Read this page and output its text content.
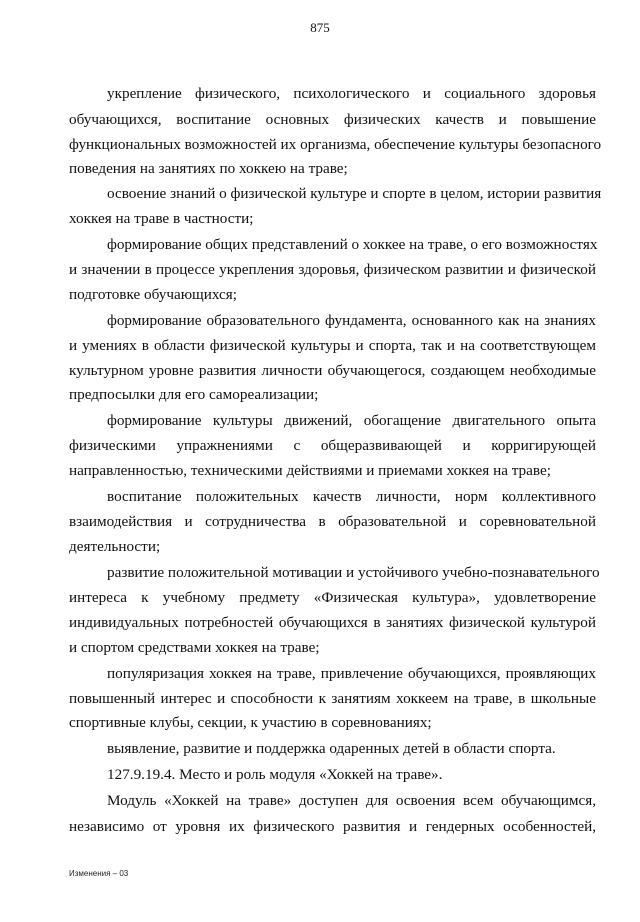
875
укрепление физического, психологического и социального здоровья
обучающихся, воспитание основных физических качеств и повышение
функциональных возможностей их организма, обеспечение культуры безопасного
поведения на занятиях по хоккею на траве;
освоение знаний о физической культуре и спорте в целом, истории развития
хоккея на траве в частности;
формирование общих представлений о хоккее на траве, о его возможностях
и значении в процессе укрепления здоровья, физическом развитии и физической
подготовке обучающихся;
формирование образовательного фундамента, основанного как на знаниях
и умениях в области физической культуры и спорта, так и на соответствующем
культурном уровне развития личности обучающегося, создающем необходимые
предпосылки для его самореализации;
формирование культуры движений, обогащение двигательного опыта
физическими упражнениями с общеразвивающей и корригирующей
направленностью, техническими действиями и приемами хоккея на траве;
воспитание положительных качеств личности, норм коллективного
взаимодействия и сотрудничества в образовательной и соревновательной
деятельности;
развитие положительной мотивации и устойчивого учебно-познавательного
интереса к учебному предмету «Физическая культура», удовлетворение
индивидуальных потребностей обучающихся в занятиях физической культурой
и спортом средствами хоккея на траве;
популяризация хоккея на траве, привлечение обучающихся, проявляющих
повышенный интерес и способности к занятиям хоккеем на траве, в школьные
спортивные клубы, секции, к участию в соревнованиях;
выявление, развитие и поддержка одаренных детей в области спорта.
127.9.19.4. Место и роль модуля «Хоккей на траве».
Модуль «Хоккей на траве» доступен для освоения всем обучающимся,
независимо от уровня их физического развития и гендерных особенностей,
Изменения – 03
